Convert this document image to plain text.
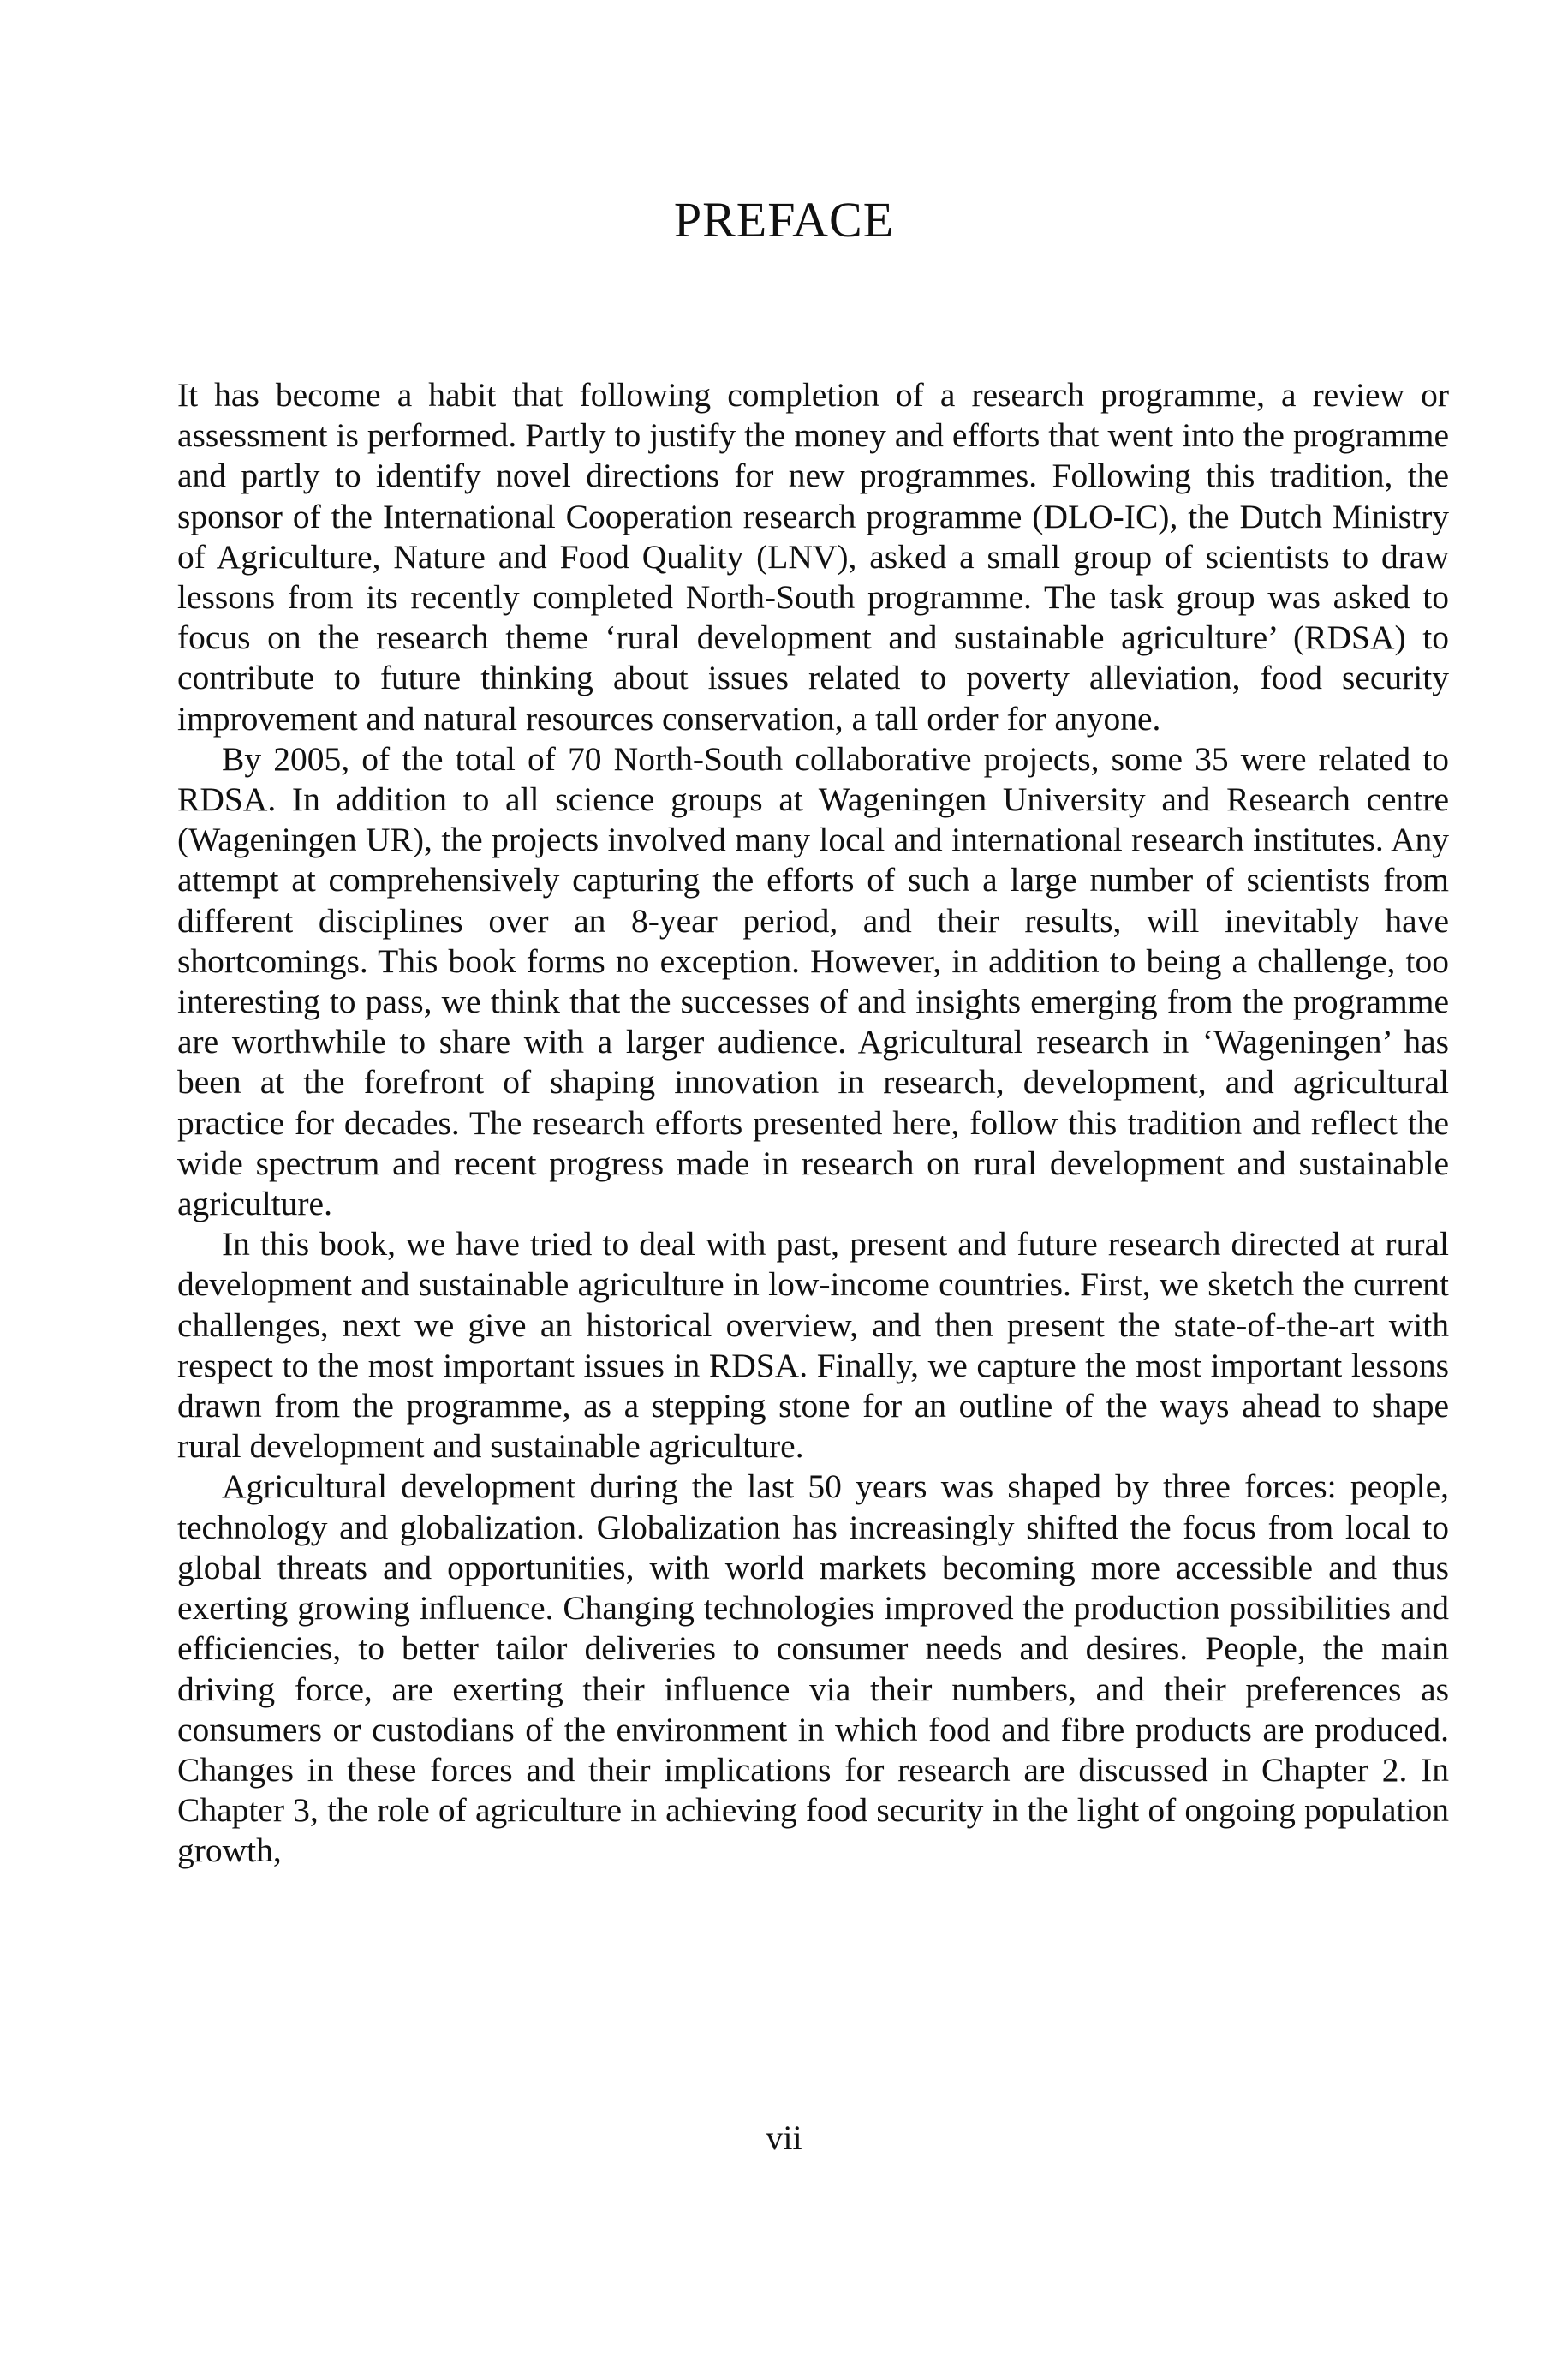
PREFACE

It has become a habit that following completion of a research programme, a review or assessment is performed. Partly to justify the money and efforts that went into the programme and partly to identify novel directions for new programmes. Following this tradition, the sponsor of the International Cooperation research programme (DLO-IC), the Dutch Ministry of Agriculture, Nature and Food Quality (LNV), asked a small group of scientists to draw lessons from its recently completed North-South programme. The task group was asked to focus on the research theme ‘rural development and sustainable agriculture’ (RDSA) to contribute to future thinking about issues related to poverty alleviation, food security improvement and natural resources conservation, a tall order for anyone.

By 2005, of the total of 70 North-South collaborative projects, some 35 were related to RDSA. In addition to all science groups at Wageningen University and Research centre (Wageningen UR), the projects involved many local and international research institutes. Any attempt at comprehensively capturing the efforts of such a large number of scientists from different disciplines over an 8-year period, and their results, will inevitably have shortcomings. This book forms no exception. However, in addition to being a challenge, too interesting to pass, we think that the successes of and insights emerging from the programme are worthwhile to share with a larger audience. Agricultural research in ‘Wageningen’ has been at the forefront of shaping innovation in research, development, and agricultural practice for decades. The research efforts presented here, follow this tradition and reflect the wide spectrum and recent progress made in research on rural development and sustainable agriculture.

In this book, we have tried to deal with past, present and future research directed at rural development and sustainable agriculture in low-income countries. First, we sketch the current challenges, next we give an historical overview, and then present the state-of-the-art with respect to the most important issues in RDSA. Finally, we capture the most important lessons drawn from the programme, as a stepping stone for an outline of the ways ahead to shape rural development and sustainable agriculture.

Agricultural development during the last 50 years was shaped by three forces: people, technology and globalization. Globalization has increasingly shifted the focus from local to global threats and opportunities, with world markets becoming more accessible and thus exerting growing influence. Changing technologies improved the production possibilities and efficiencies, to better tailor deliveries to consumer needs and desires. People, the main driving force, are exerting their influence via their numbers, and their preferences as consumers or custodians of the environment in which food and fibre products are produced. Changes in these forces and their implications for research are discussed in Chapter 2. In Chapter 3, the role of agriculture in achieving food security in the light of ongoing population growth,

vii
